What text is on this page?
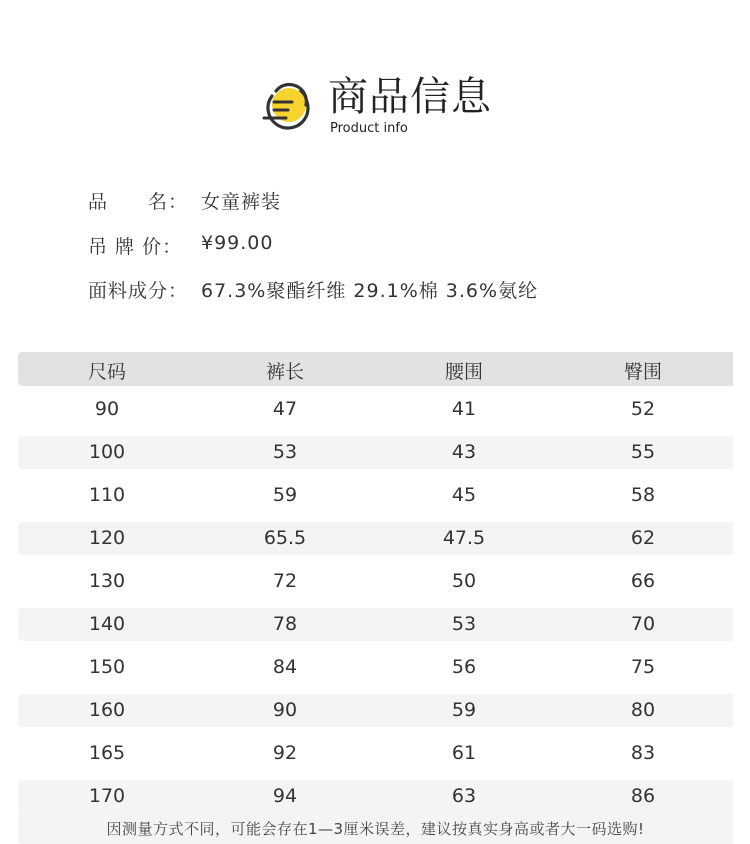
商品信息
Product info
品　　名： 女童裤装
吊 牌 价： ¥99.00
面料成分： 67.3%聚酯纤维 29.1%棉 3.6%氨纶
尺码	裤长	腰围	臀围
90	47	41	52
100	53	43	55
110	59	45	58
120	65.5	47.5	62
130	72	50	66
140	78	53	70
150	84	56	75
160	90	59	80
165	92	61	83
170	94	63	86
因测量方式不同，可能会存在1—3厘米误差，建议按真实身高或者大一码选购!
